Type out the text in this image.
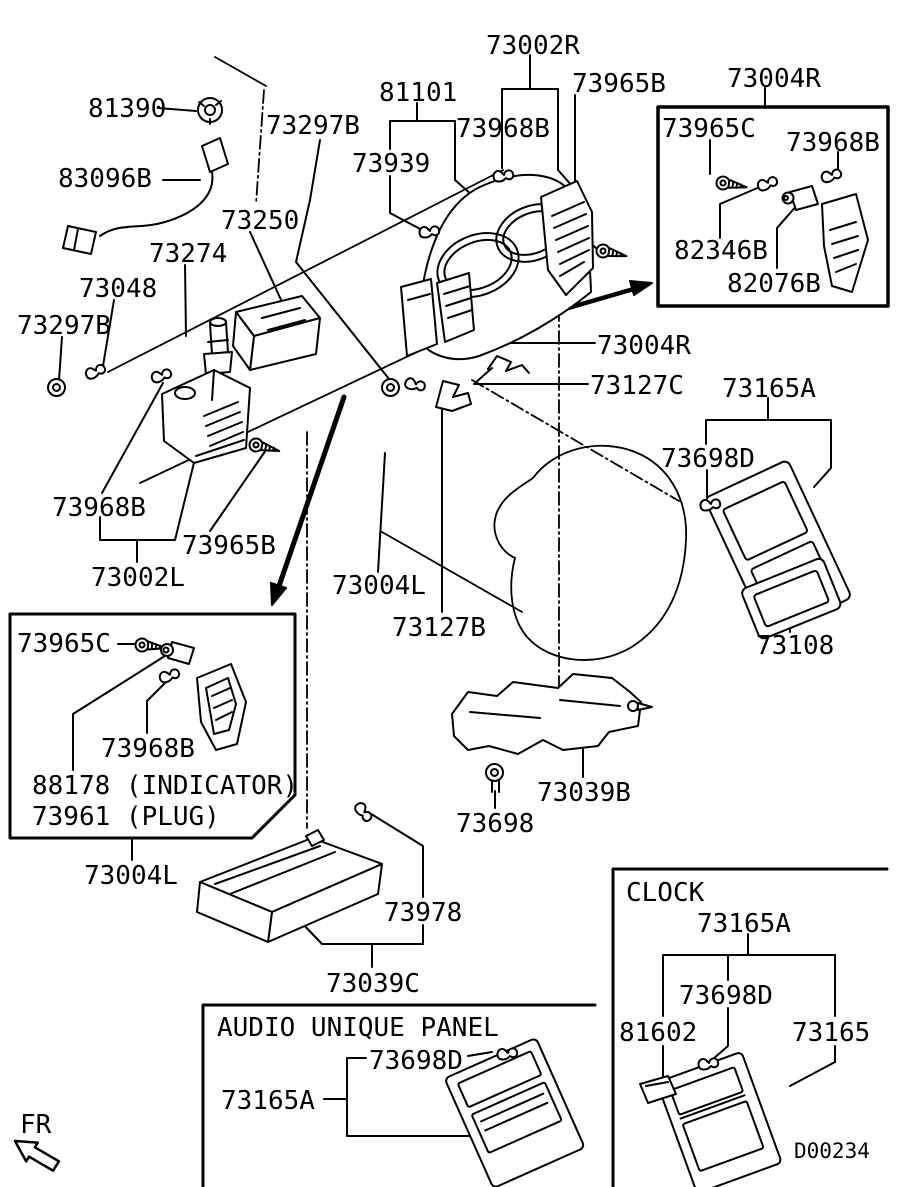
81390
83096B
73297B
81101
73939
73002R
73965B
73968B
73004R
73965C 73968B
82346B
82076B
73250
73274
73048
73297B
73004R
73127C 73165A
73698D
73968B
73965B
73002L	73004L
73127B
73108
73965C
73968B
88178 (INDICATOR)
73961 (PLUG)
73004L
73039B
73698
73978
73039C
73165A
73698D
81602	73165
73698D
73165A
CLOCK
AUDIO UNIQUE PANEL
FR
D00234
